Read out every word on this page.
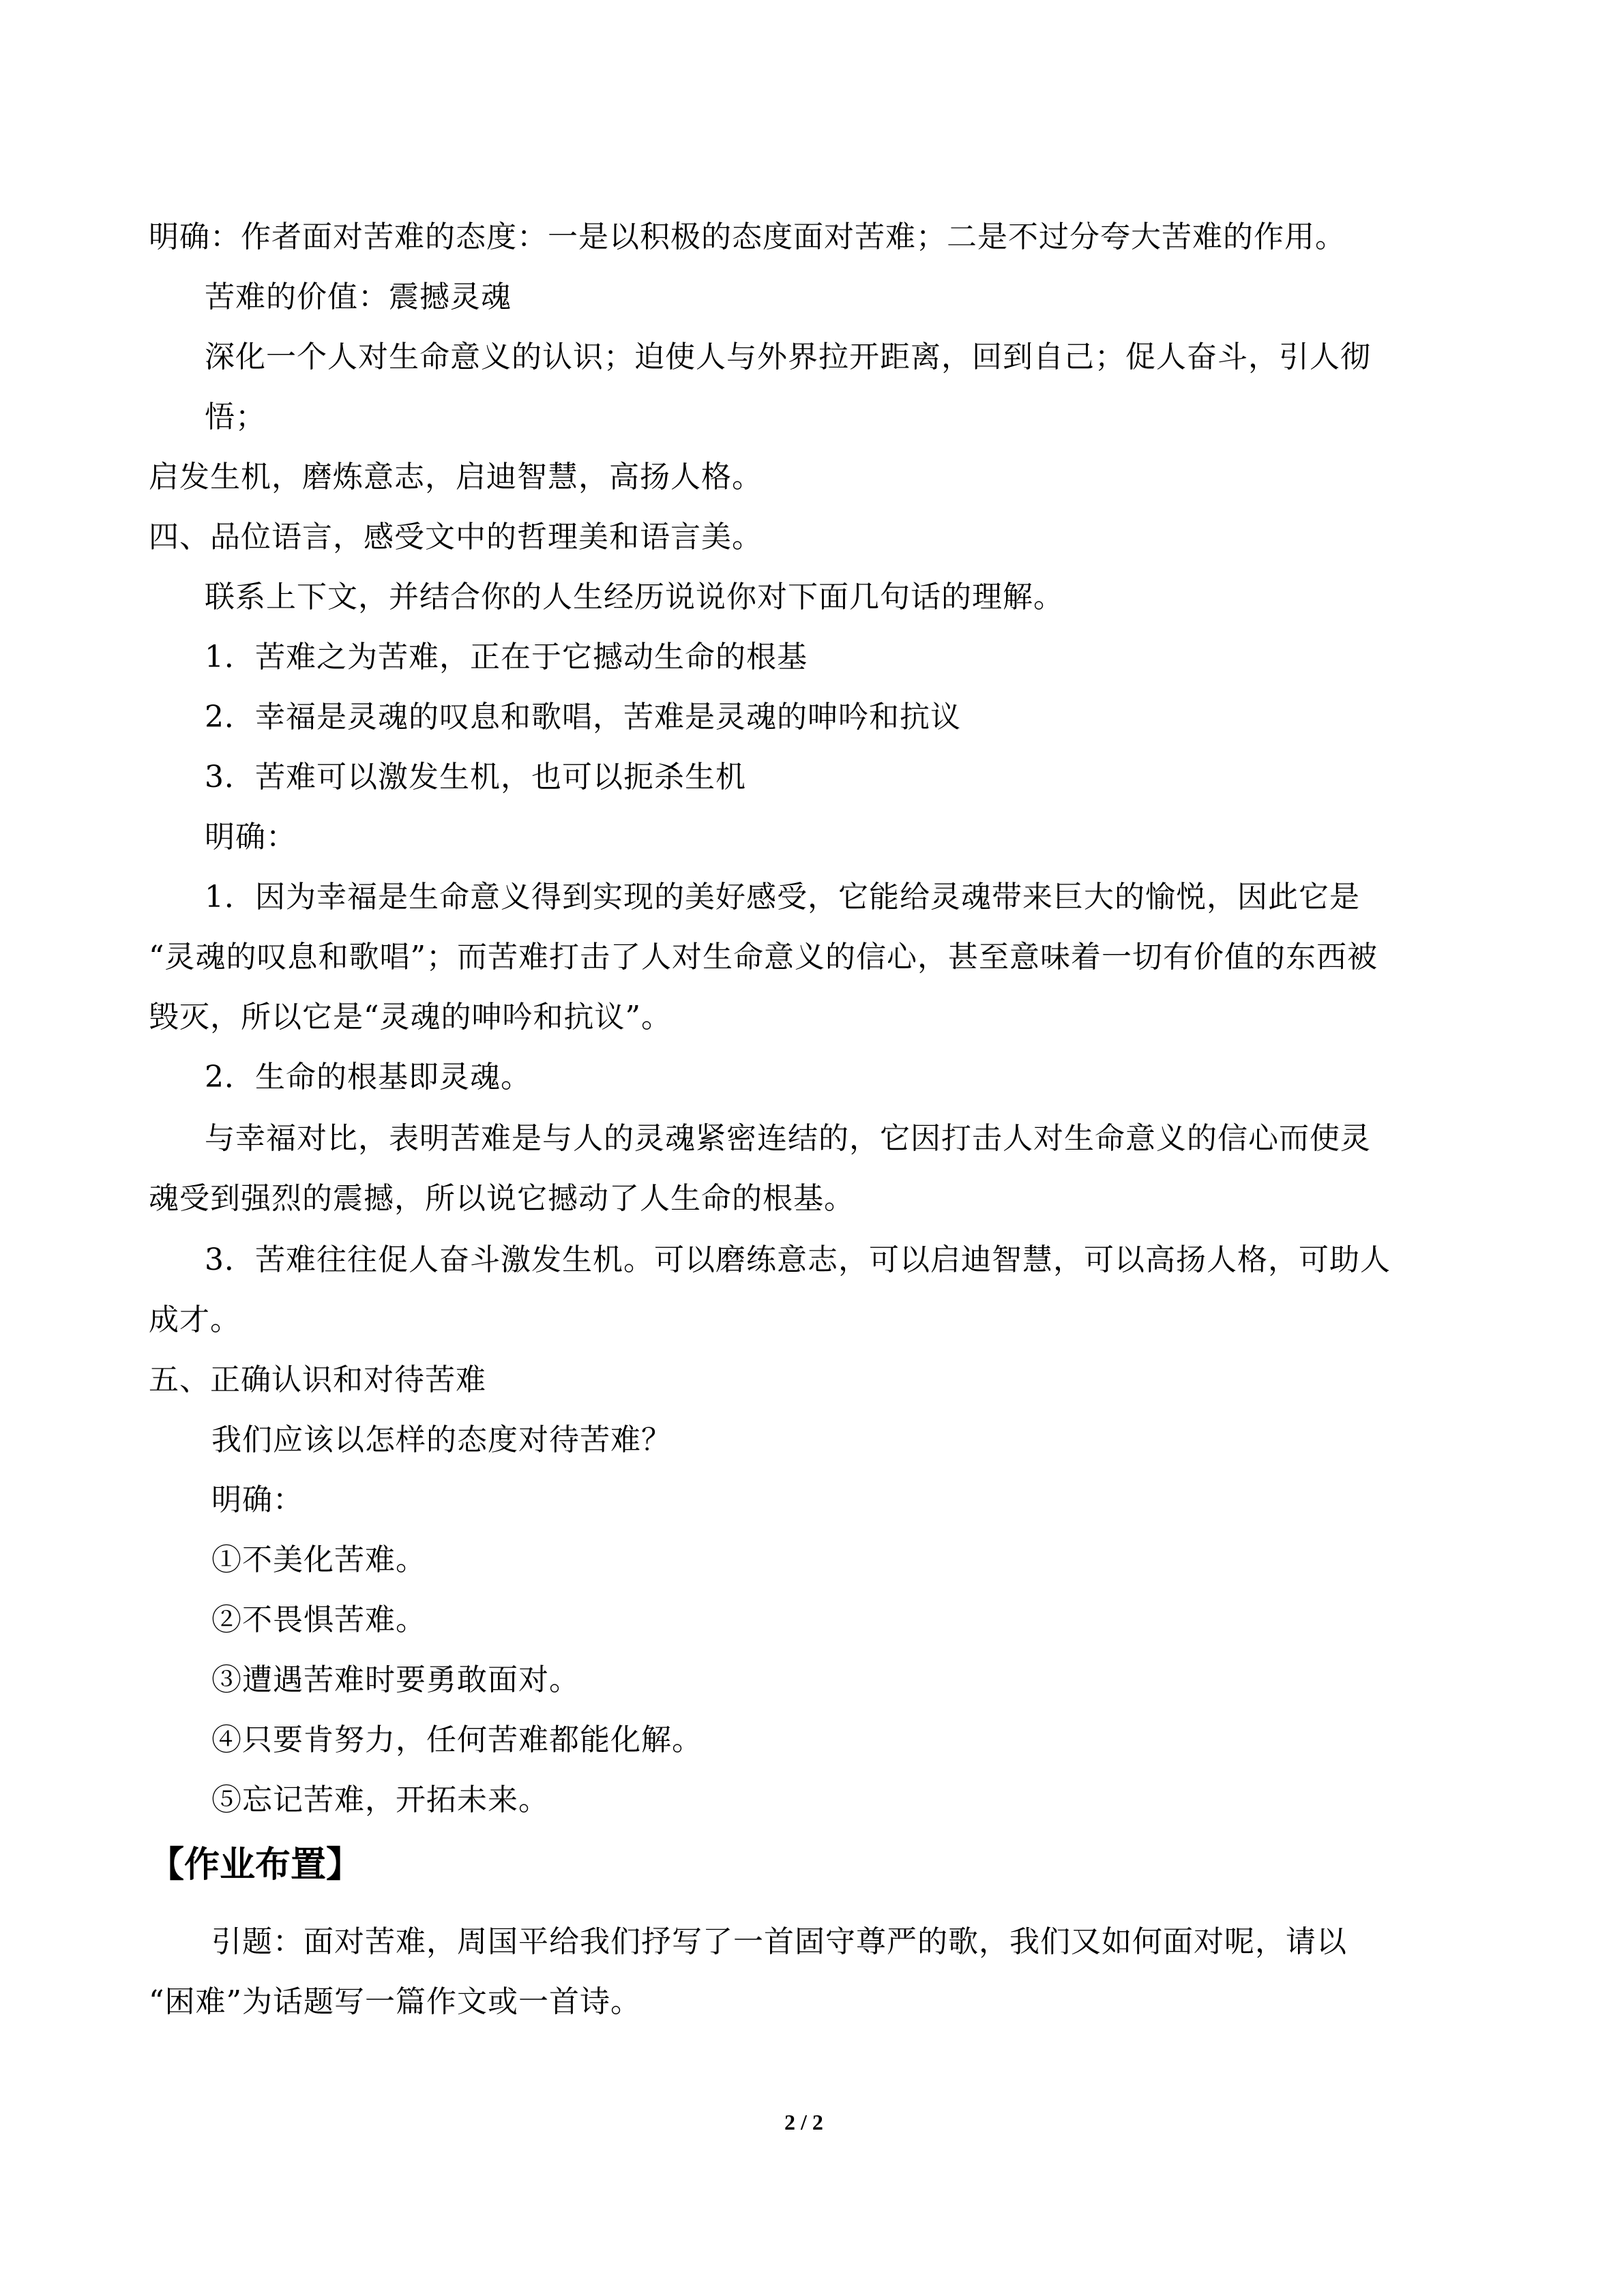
明确：作者面对苦难的态度：一是以积极的态度面对苦难；二是不过分夸大苦难的作用。
苦难的价值：震撼灵魂
深化一个人对生命意义的认识；迫使人与外界拉开距离，回到自己；促人奋斗，引人彻
悟；
启发生机，磨炼意志，启迪智慧，高扬人格。
四、品位语言，感受文中的哲理美和语言美。
联系上下文，并结合你的人生经历说说你对下面几句话的理解。
1．苦难之为苦难，正在于它撼动生命的根基
2．幸福是灵魂的叹息和歌唱，苦难是灵魂的呻吟和抗议
3．苦难可以激发生机，也可以扼杀生机
明确：
1．因为幸福是生命意义得到实现的美好感受，它能给灵魂带来巨大的愉悦，因此它是
“灵魂的叹息和歌唱”；而苦难打击了人对生命意义的信心，甚至意味着一切有价值的东西被
毁灭，所以它是“灵魂的呻吟和抗议”。
2．生命的根基即灵魂。
与幸福对比，表明苦难是与人的灵魂紧密连结的，它因打击人对生命意义的信心而使灵
魂受到强烈的震撼，所以说它撼动了人生命的根基。
3．苦难往往促人奋斗激发生机。可以磨练意志，可以启迪智慧，可以高扬人格，可助人
成才。
五、正确认识和对待苦难
我们应该以怎样的态度对待苦难？
明确：
①不美化苦难。
②不畏惧苦难。
③遭遇苦难时要勇敢面对。
④只要肯努力，任何苦难都能化解。
⑤忘记苦难，开拓未来。
【作业布置】
引题：面对苦难，周国平给我们抒写了一首固守尊严的歌，我们又如何面对呢，请以
“困难”为话题写一篇作文或一首诗。
2 / 2
